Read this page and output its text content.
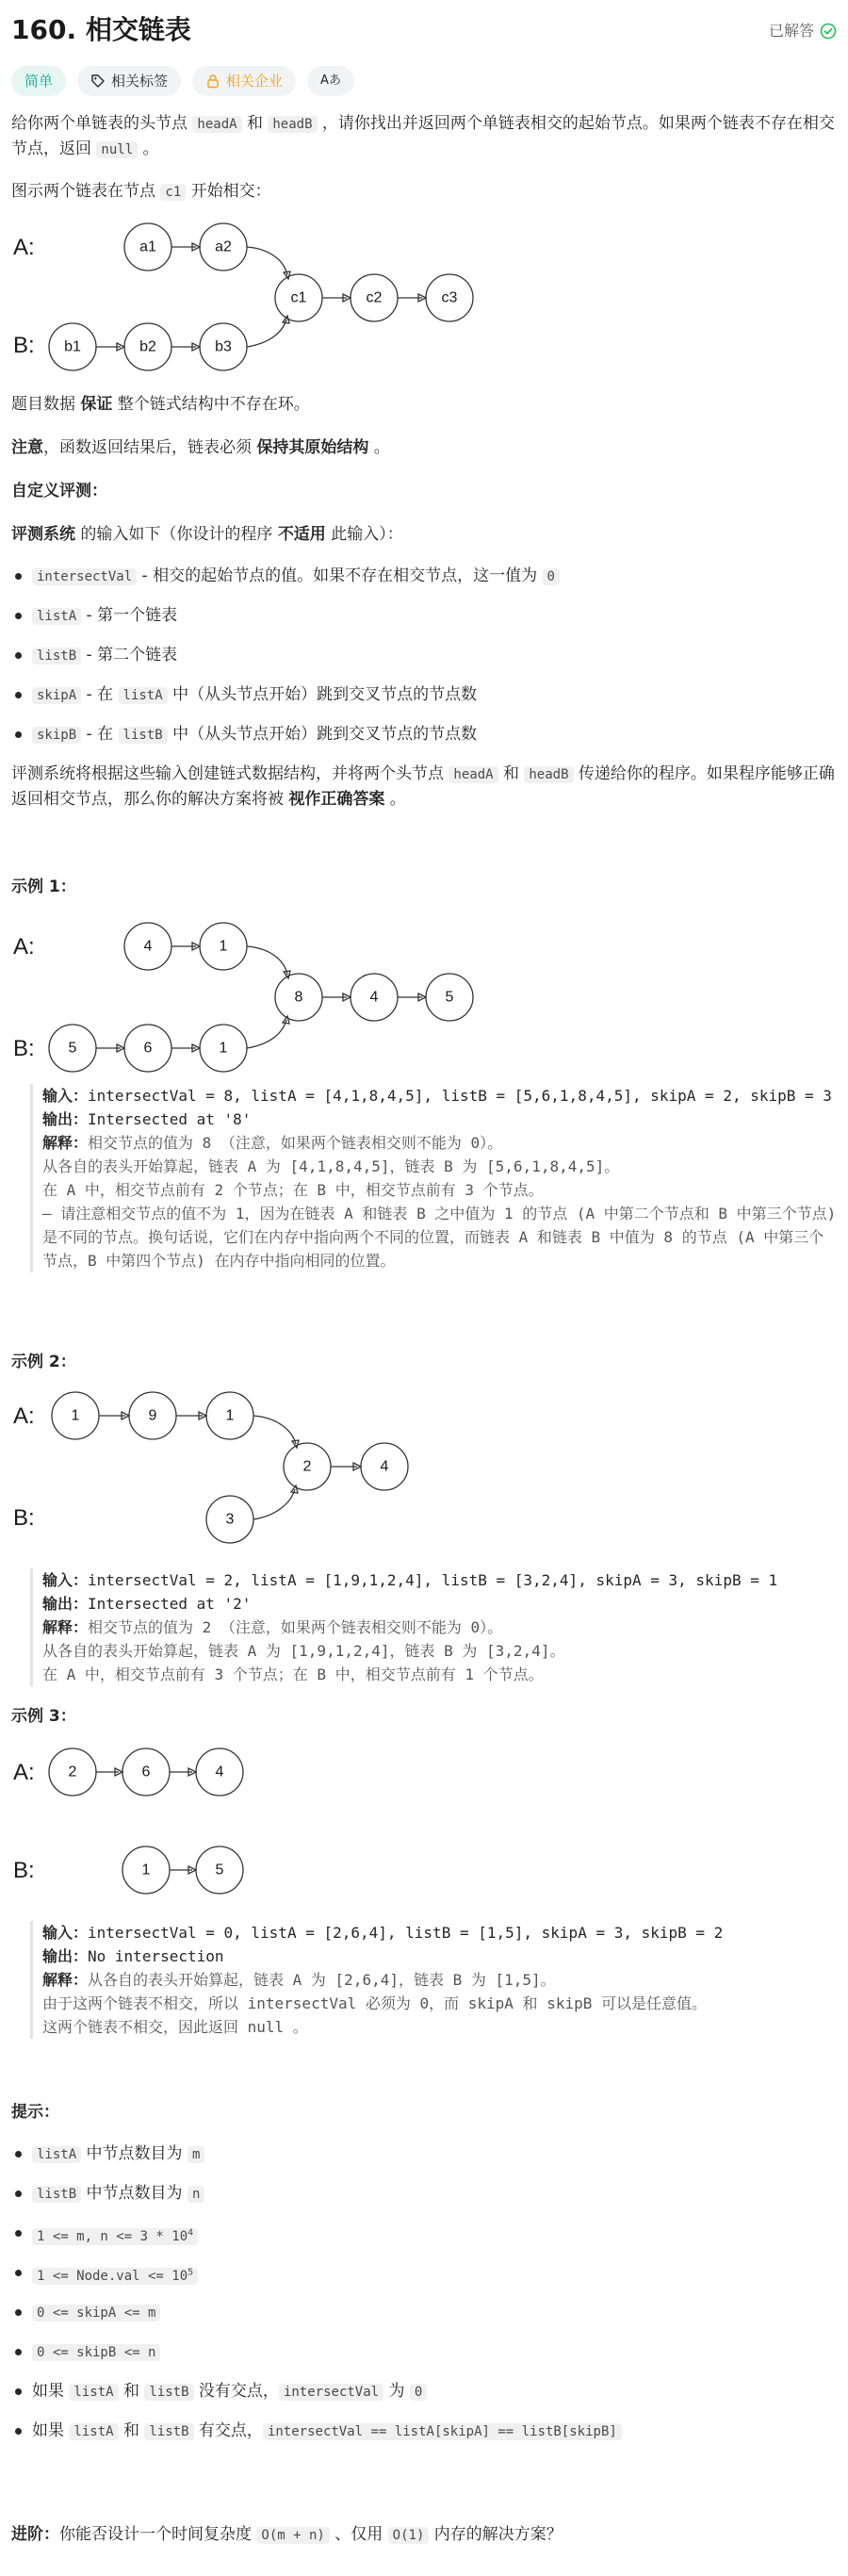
160. 相交链表	已解答
简单	相关标签	相关企业	Aあ

给你两个单链表的头节点 headA 和 headB ，请你找出并返回两个单链表相交的起始节点。如果两个链表不存在相交节点，返回 null 。

图示两个链表在节点 c1 开始相交：

A:
B:
a1	a2
b1	b2	b3
c1	c2	c3

题目数据 保证 整个链式结构中不存在环。

注意，函数返回结果后，链表必须 保持其原始结构 。

自定义评测：

评测系统 的输入如下（你设计的程序 不适用 此输入）：

intersectVal - 相交的起始节点的值。如果不存在相交节点，这一值为 0
listA - 第一个链表
listB - 第二个链表
skipA - 在 listA 中（从头节点开始）跳到交叉节点的节点数
skipB - 在 listB 中（从头节点开始）跳到交叉节点的节点数

评测系统将根据这些输入创建链式数据结构，并将两个头节点 headA 和 headB 传递给你的程序。如果程序能够正确返回相交节点，那么你的解决方案将被 视作正确答案 。

示例 1：
A:
B:
4	1
5	6	1
8	4	5
输入：intersectVal = 8, listA = [4,1,8,4,5], listB = [5,6,1,8,4,5], skipA = 2, skipB = 3
输出：Intersected at '8'
解释：相交节点的值为 8 （注意，如果两个链表相交则不能为 0）。
从各自的表头开始算起，链表 A 为 [4,1,8,4,5]，链表 B 为 [5,6,1,8,4,5]。
在 A 中，相交节点前有 2 个节点；在 B 中，相交节点前有 3 个节点。
— 请注意相交节点的值不为 1，因为在链表 A 和链表 B 之中值为 1 的节点 (A 中第二个节点和 B 中第三个节点) 是不同的节点。换句话说，它们在内存中指向两个不同的位置，而链表 A 和链表 B 中值为 8 的节点 (A 中第三个节点，B 中第四个节点) 在内存中指向相同的位置。
示例 2：
A:
B:
1	9	1
3
2	4
输入：intersectVal = 2, listA = [1,9,1,2,4], listB = [3,2,4], skipA = 3, skipB = 1
输出：Intersected at '2'
解释：相交节点的值为 2 （注意，如果两个链表相交则不能为 0）。
从各自的表头开始算起，链表 A 为 [1,9,1,2,4]，链表 B 为 [3,2,4]。
在 A 中，相交节点前有 3 个节点；在 B 中，相交节点前有 1 个节点。
示例 3：
A:
B:
2	6	4
1	5
输入：intersectVal = 0, listA = [2,6,4], listB = [1,5], skipA = 3, skipB = 2
输出：No intersection
解释：从各自的表头开始算起，链表 A 为 [2,6,4]，链表 B 为 [1,5]。
由于这两个链表不相交，所以 intersectVal 必须为 0，而 skipA 和 skipB 可以是任意值。
这两个链表不相交，因此返回 null 。
提示：
listA 中节点数目为 m
listB 中节点数目为 n
1 <= m, $n <= 3 * 10^4$
1 <= Node.val <= $10^5$
0 <= skipA <= m
0 <= skipB <= n
如果 listA 和 listB 没有交点， intersectVal 为 0
如果 listA 和 listB 有交点， intersectVal == listA[skipA] == listB[skipB]

进阶：你能否设计一个时间复杂度 O(m + n) 、仅用 O(1) 内存的解决方案？
